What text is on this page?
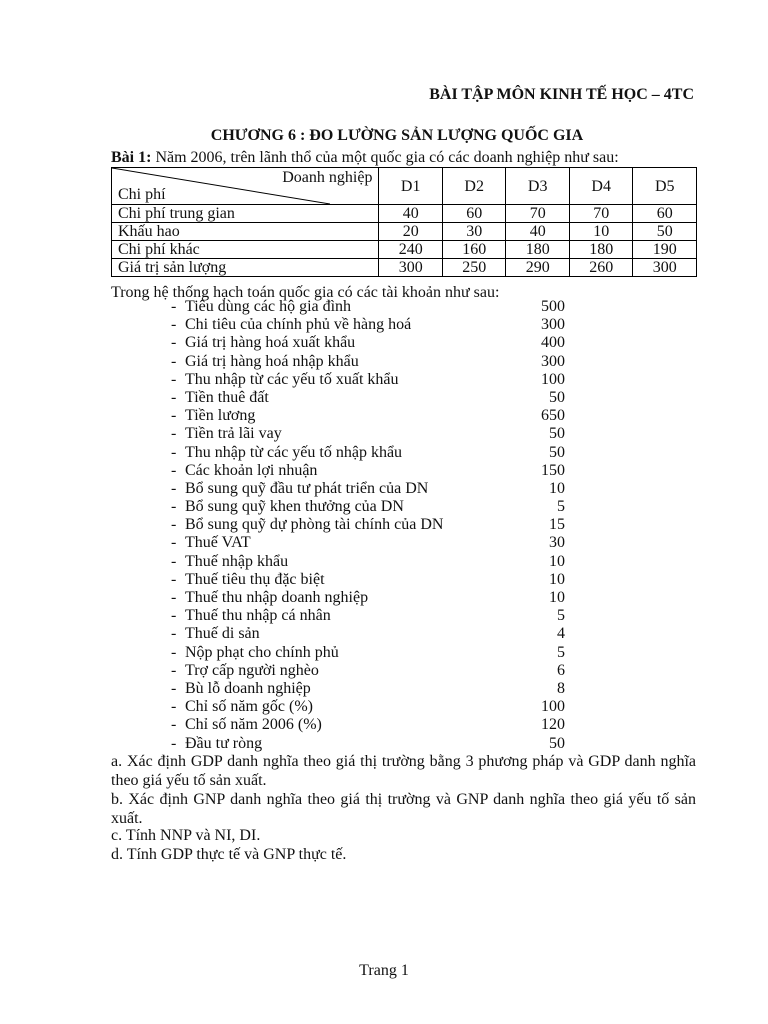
BÀI TẬP MÔN KINH TẾ HỌC – 4TC
CHƯƠNG 6 : ĐO LƯỜNG SẢN LƯỢNG QUỐC GIA
Bài 1: Năm 2006, trên lãnh thổ của một quốc gia có các doanh nghiệp như sau:
Doanh nghiệp
Chi phí	D1	D2	D3	D4	D5
Chi phí trung gian	40	60	70	70	60
Khấu hao	20	30	40	10	50
Chi phí khác	240	160	180	180	190
Giá trị sản lượng	300	250	290	260	300
Trong hệ thống hạch toán quốc gia có các tài khoản như sau:
- Tiêu dùng các hộ gia đình	500
- Chi tiêu của chính phủ về hàng hoá	300
- Giá trị hàng hoá xuất khẩu	400
- Giá trị hàng hoá nhập khẩu	300
- Thu nhập từ các yếu tố xuất khẩu	100
- Tiền thuê đất	50
- Tiền lương	650
- Tiền trả lãi vay	50
- Thu nhập từ các yếu tố nhập khẩu	50
- Các khoản lợi nhuận	150
- Bổ sung quỹ đầu tư phát triển của DN	10
- Bổ sung quỹ khen thưởng của DN	5
- Bổ sung quỹ dự phòng tài chính của DN	15
- Thuế VAT	30
- Thuế nhập khẩu	10
- Thuế tiêu thụ đặc biệt	10
- Thuế thu nhập doanh nghiệp	10
- Thuế thu nhập cá nhân	5
- Thuế di sản	4
- Nộp phạt cho chính phủ	5
- Trợ cấp người nghèo	6
- Bù lỗ doanh nghiệp	8
- Chỉ số năm gốc (%)	100
- Chỉ số năm 2006 (%)	120
- Đầu tư ròng	50
a. Xác định GDP danh nghĩa theo giá thị trường bằng 3 phương pháp và GDP danh nghĩa theo giá yếu tố sản xuất.
b. Xác định GNP danh nghĩa theo giá thị trường và GNP danh nghĩa theo giá yếu tố sản xuất.
c. Tính NNP và NI, DI.
d. Tính GDP thực tế và GNP thực tế.
Trang 1
